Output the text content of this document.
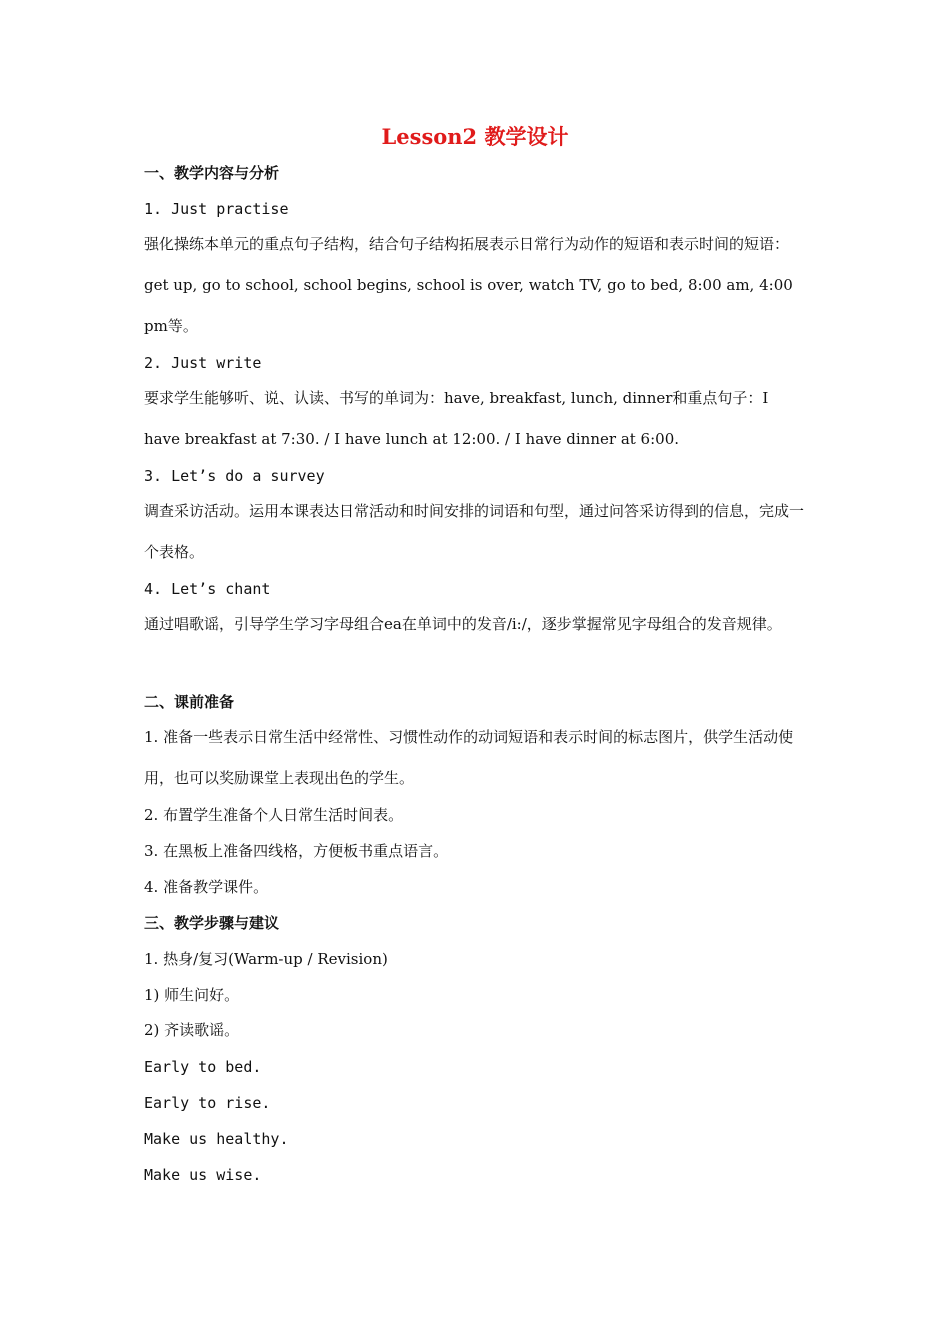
Lesson2 教学设计
一、教学内容与分析
1. Just practise
强化操练本单元的重点句子结构，结合句子结构拓展表示日常行为动作的短语和表示时间的短语：get up, go to school, school begins, school is over, watch TV, go to bed, 8:00 am, 4:00 pm等。
2. Just write
要求学生能够听、说、认读、书写的单词为：have, breakfast, lunch, dinner和重点句子：I have breakfast at 7:30. / I have lunch at 12:00. / I have dinner at 6:00.
3. Let’s do a survey
调查采访活动。运用本课表达日常活动和时间安排的词语和句型，通过问答采访得到的信息，完成一个表格。
4. Let’s chant
通过唱歌谣，引导学生学习字母组合ea在单词中的发音/i:/，逐步掌握常见字母组合的发音规律。
二、课前准备
1. 准备一些表示日常生活中经常性、习惯性动作的动词短语和表示时间的标志图片，供学生活动使用，也可以奖励课堂上表现出色的学生。
2. 布置学生准备个人日常生活时间表。
3. 在黑板上准备四线格，方便板书重点语言。
4. 准备教学课件。
三、教学步骤与建议
1. 热身/复习(Warm-up / Revision)
1) 师生问好。
2) 齐读歌谣。
Early to bed.
Early to rise.
Make us healthy.
Make us wise.
